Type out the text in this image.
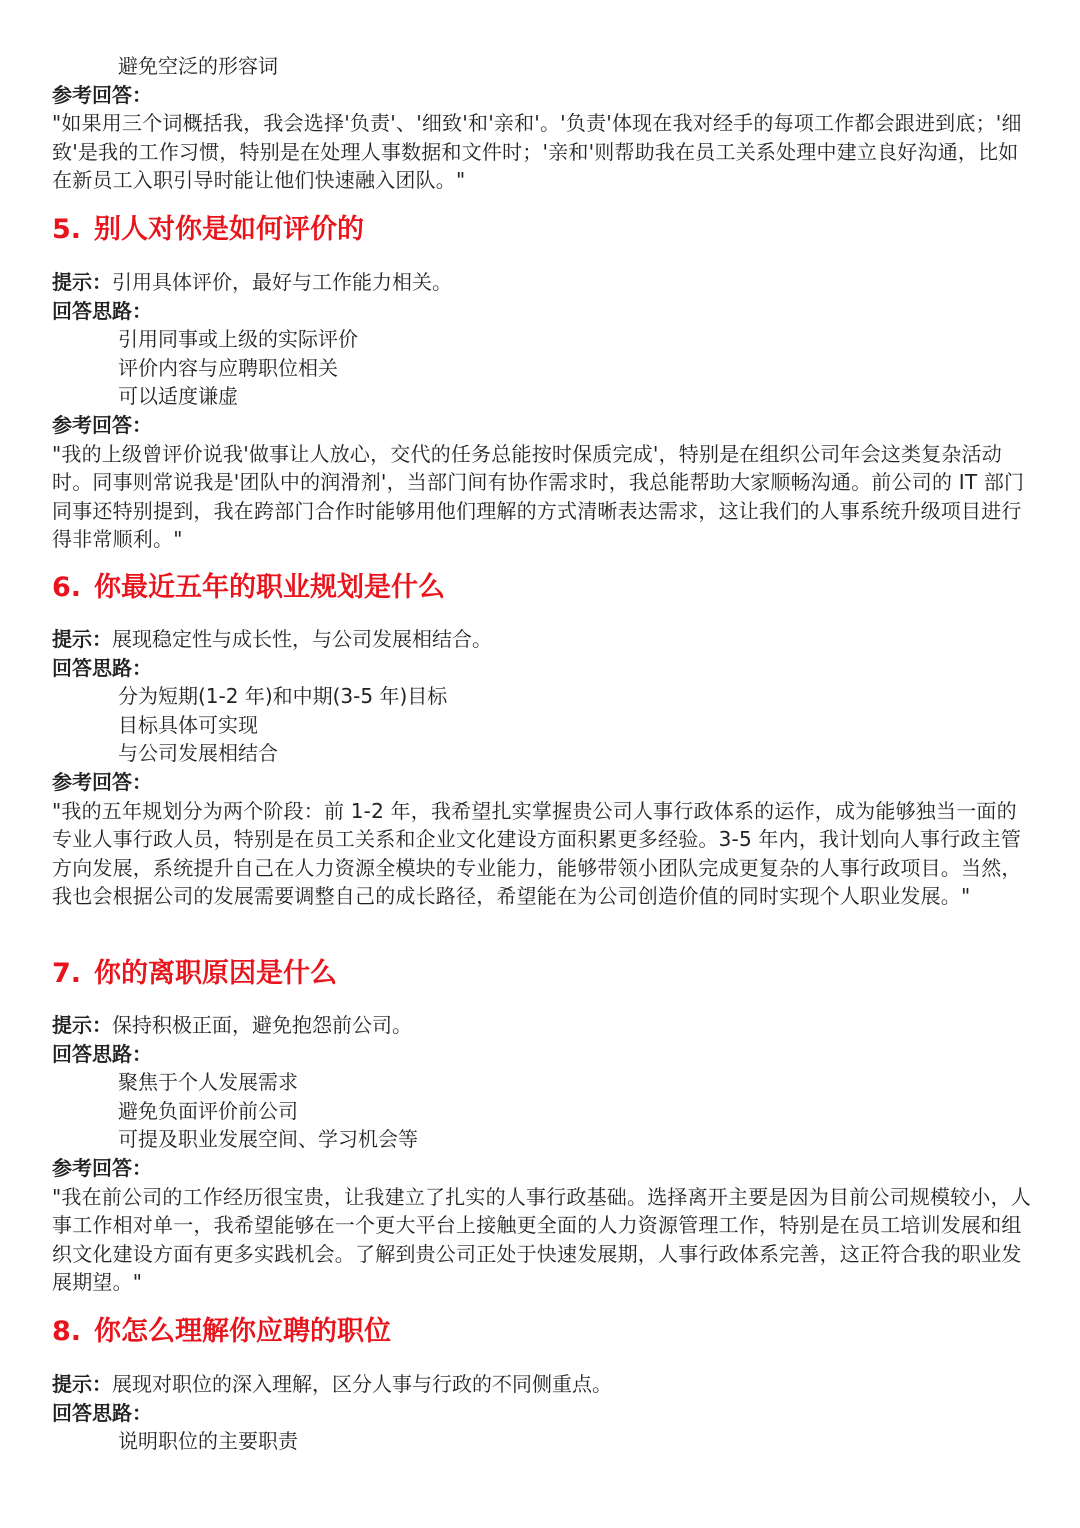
避免空泛的形容词
参考回答：
"如果用三个词概括我，我会选择'负责'、'细致'和'亲和'。'负责'体现在我对经手的每项工作都会跟进到底；'细致'是我的工作习惯，特别是在处理人事数据和文件时；'亲和'则帮助我在员工关系处理中建立良好沟通，比如在新员工入职引导时能让他们快速融入团队。"
5. 别人对你是如何评价的
提示：引用具体评价，最好与工作能力相关。
回答思路：
引用同事或上级的实际评价
评价内容与应聘职位相关
可以适度谦虚
参考回答：
"我的上级曾评价说我'做事让人放心，交代的任务总能按时保质完成'，特别是在组织公司年会这类复杂活动时。同事则常说我是'团队中的润滑剂'，当部门间有协作需求时，我总能帮助大家顺畅沟通。前公司的 IT 部门同事还特别提到，我在跨部门合作时能够用他们理解的方式清晰表达需求，这让我们的人事系统升级项目进行得非常顺利。"
6. 你最近五年的职业规划是什么
提示：展现稳定性与成长性，与公司发展相结合。
回答思路：
分为短期(1-2 年)和中期(3-5 年)目标
目标具体可实现
与公司发展相结合
参考回答：
"我的五年规划分为两个阶段：前 1-2 年，我希望扎实掌握贵公司人事行政体系的运作，成为能够独当一面的专业人事行政人员，特别是在员工关系和企业文化建设方面积累更多经验。3-5 年内，我计划向人事行政主管方向发展，系统提升自己在人力资源全模块的专业能力，能够带领小团队完成更复杂的人事行政项目。当然，我也会根据公司的发展需要调整自己的成长路径，希望能在为公司创造价值的同时实现个人职业发展。"
7. 你的离职原因是什么
提示：保持积极正面，避免抱怨前公司。
回答思路：
聚焦于个人发展需求
避免负面评价前公司
可提及职业发展空间、学习机会等
参考回答：
"我在前公司的工作经历很宝贵，让我建立了扎实的人事行政基础。选择离开主要是因为目前公司规模较小，人事工作相对单一，我希望能够在一个更大平台上接触更全面的人力资源管理工作，特别是在员工培训发展和组织文化建设方面有更多实践机会。了解到贵公司正处于快速发展期，人事行政体系完善，这正符合我的职业发展期望。"
8. 你怎么理解你应聘的职位
提示：展现对职位的深入理解，区分人事与行政的不同侧重点。
回答思路：
说明职位的主要职责
